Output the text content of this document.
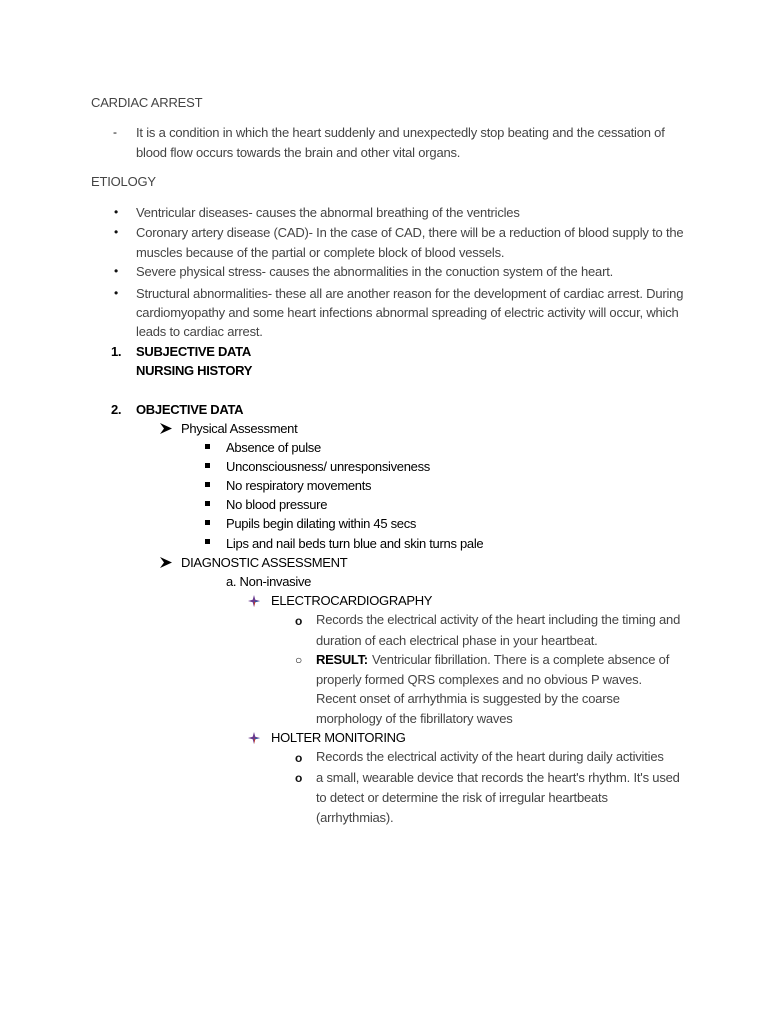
CARDIAC ARREST
- It is a condition in which the heart suddenly and unexpectedly stop beating and the cessation of
blood flow occurs towards the brain and other vital organs.
ETIOLOGY
• Ventricular diseases- causes the abnormal breathing of the ventricles
• Coronary artery disease (CAD)- In the case of CAD, there will be a reduction of blood supply to the
muscles because of the partial or complete block of blood vessels.
• Severe physical stress- causes the abnormalities in the conuction system of the heart.
• Structural abnormalities- these all are another reason for the development of cardiac arrest. During
cardiomyopathy and some heart infections abnormal spreading of electric activity will occur, which
leads to cardiac arrest.
1. SUBJECTIVE DATA
NURSING HISTORY
2. OBJECTIVE DATA
Physical Assessment
Absence of pulse
Unconsciousness/ unresponsiveness
No respiratory movements
No blood pressure
Pupils begin dilating within 45 secs
Lips and nail beds turn blue and skin turns pale
DIAGNOSTIC ASSESSMENT
a. Non-invasive
ELECTROCARDIOGRAPHY
o Records the electrical activity of the heart including the timing and
duration of each electrical phase in your heartbeat.
○ RESULT: Ventricular fibrillation. There is a complete absence of
properly formed QRS complexes and no obvious P waves.
Recent onset of arrhythmia is suggested by the coarse
morphology of the fibrillatory waves
HOLTER MONITORING
o Records the electrical activity of the heart during daily activities
o a small, wearable device that records the heart's rhythm. It's used
to detect or determine the risk of irregular heartbeats
(arrhythmias).
